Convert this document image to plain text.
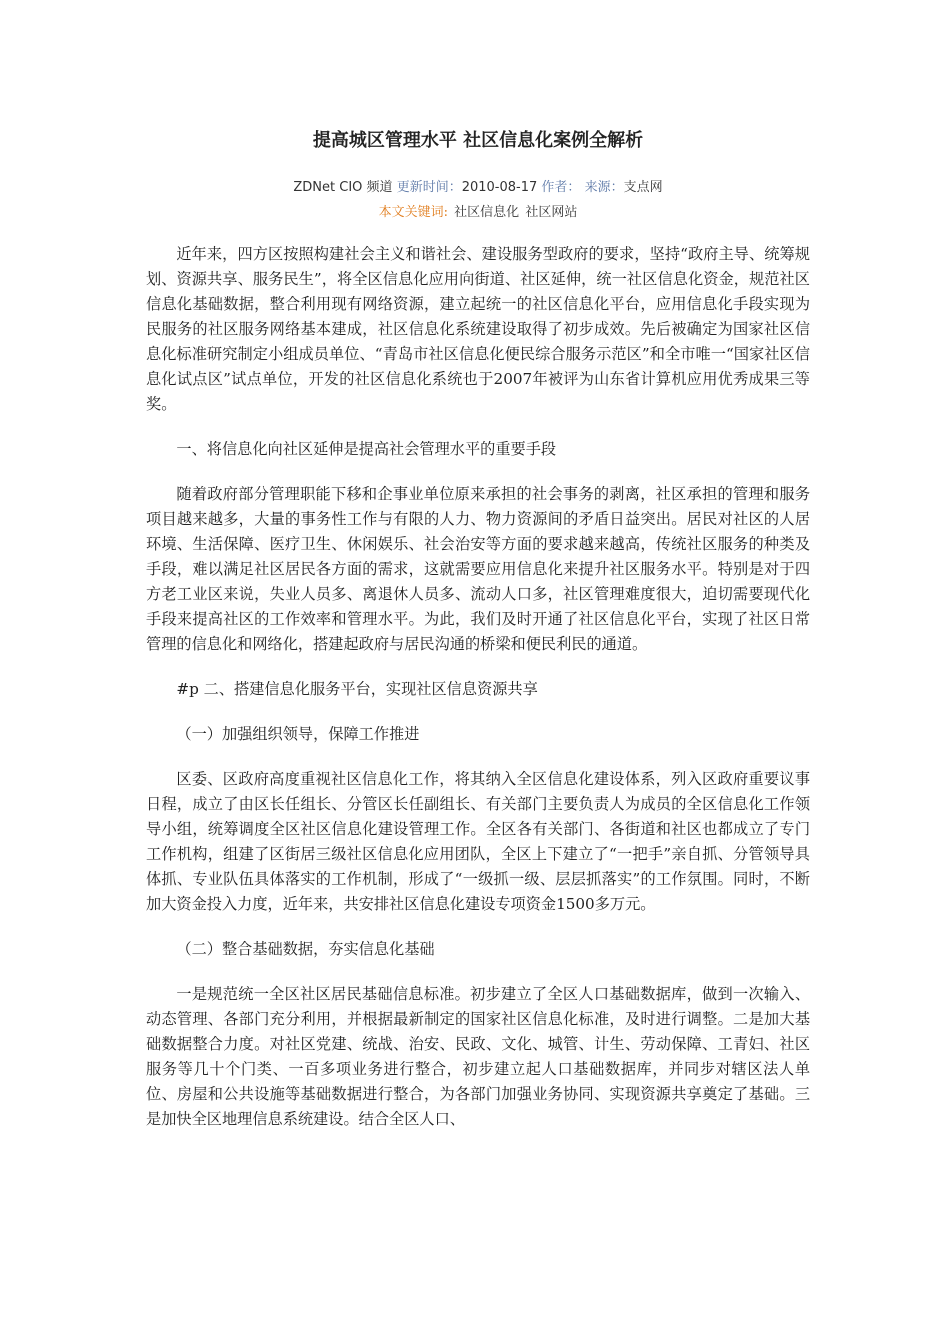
提高城区管理水平 社区信息化案例全解析
ZDNet CIO 频道 更新时间：2010-08-17 作者： 来源：支点网
本文关键词: 社区信息化 社区网站

近年来，四方区按照构建社会主义和谐社会、建设服务型政府的要求，坚持“政府主导、统筹规划、资源共享、服务民生”，将全区信息化应用向街道、社区延伸，统一社区信息化资金，规范社区信息化基础数据，整合利用现有网络资源，建立起统一的社区信息化平台，应用信息化手段实现为民服务的社区服务网络基本建成，社区信息化系统建设取得了初步成效。先后被确定为国家社区信息化标准研究制定小组成员单位、“青岛市社区信息化便民综合服务示范区”和全市唯一“国家社区信息化试点区”试点单位，开发的社区信息化系统也于2007年被评为山东省计算机应用优秀成果三等奖。

一、将信息化向社区延伸是提高社会管理水平的重要手段

随着政府部分管理职能下移和企事业单位原来承担的社会事务的剥离，社区承担的管理和服务项目越来越多，大量的事务性工作与有限的人力、物力资源间的矛盾日益突出。居民对社区的人居环境、生活保障、医疗卫生、休闲娱乐、社会治安等方面的要求越来越高，传统社区服务的种类及手段，难以满足社区居民各方面的需求，这就需要应用信息化来提升社区服务水平。特别是对于四方老工业区来说，失业人员多、离退休人员多、流动人口多，社区管理难度很大，迫切需要现代化手段来提高社区的工作效率和管理水平。为此，我们及时开通了社区信息化平台，实现了社区日常管理的信息化和网络化，搭建起政府与居民沟通的桥梁和便民利民的通道。

#p 二、搭建信息化服务平台，实现社区信息资源共享

（一）加强组织领导，保障工作推进

区委、区政府高度重视社区信息化工作，将其纳入全区信息化建设体系，列入区政府重要议事日程，成立了由区长任组长、分管区长任副组长、有关部门主要负责人为成员的全区信息化工作领导小组，统筹调度全区社区信息化建设管理工作。全区各有关部门、各街道和社区也都成立了专门工作机构，组建了区街居三级社区信息化应用团队，全区上下建立了“一把手”亲自抓、分管领导具体抓、专业队伍具体落实的工作机制，形成了“一级抓一级、层层抓落实”的工作氛围。同时，不断加大资金投入力度，近年来，共安排社区信息化建设专项资金1500多万元。

（二）整合基础数据，夯实信息化基础

一是规范统一全区社区居民基础信息标准。初步建立了全区人口基础数据库，做到一次输入、动态管理、各部门充分利用，并根据最新制定的国家社区信息化标准，及时进行调整。二是加大基础数据整合力度。对社区党建、统战、治安、民政、文化、城管、计生、劳动保障、工青妇、社区服务等几十个门类、一百多项业务进行整合，初步建立起人口基础数据库，并同步对辖区法人单位、房屋和公共设施等基础数据进行整合，为各部门加强业务协同、实现资源共享奠定了基础。三是加快全区地理信息系统建设。结合全区人口、
